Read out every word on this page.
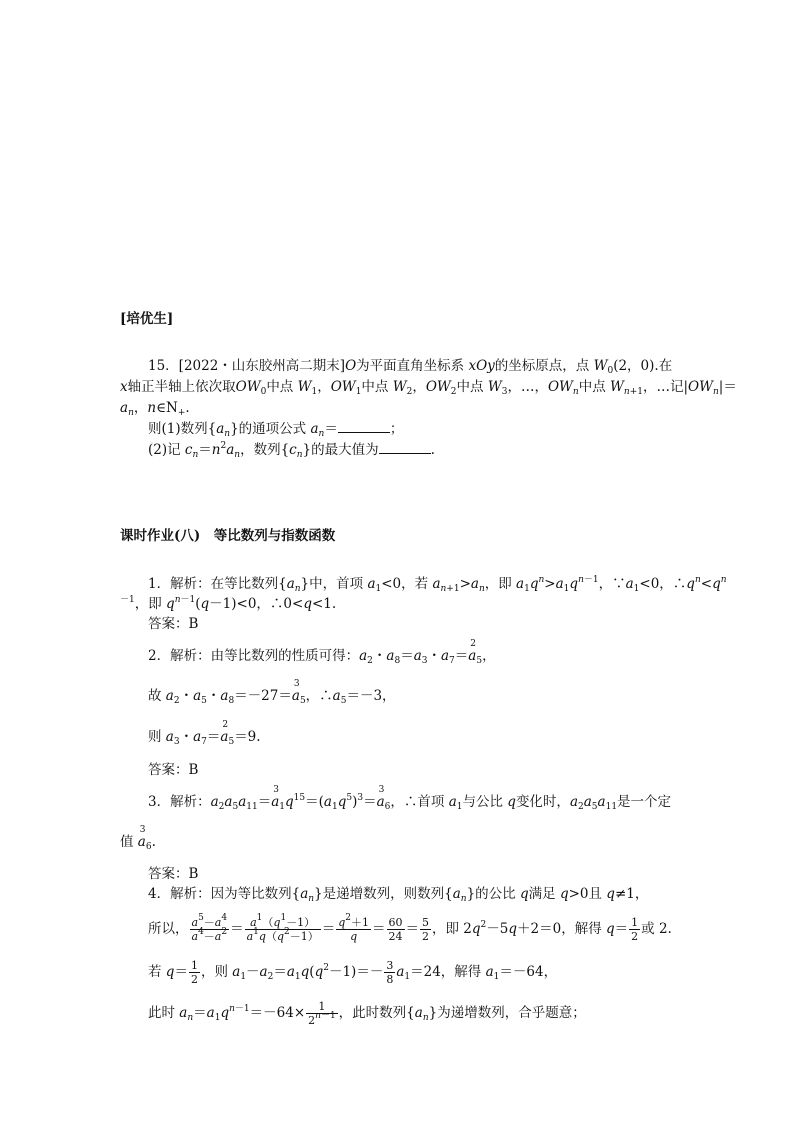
[培优生]
15．[2022・山东胶州高二期末]O为平面直角坐标系 xOy的坐标原点，点 $W_0(2$，0).在
x轴正半轴上依次取$OW_0$中点 $W_1$，$OW_1$中点 $W_2$，$OW_2$中点 $W_3$，…，$OW_n$中点 $W_{n+1}$，…记$|OW_n|=$
$a_n$，$n\in N_+$.
则(1)数列$\{a_n\}$的通项公式 $a_n=$	；
(2)记 $c_n=n^2a_n$，数列$\{c_n\}$的最大值为	.
课时作业(八)　等比数列与指数函数
1．解析：在等比数列$\{a_n\}$中，首项 $a_1<0$，若 $a_{n+1}>a_n$，即 $a_1q^n>a_1q^{n-1}$，$\because a_1<0$，$\therefore q^n<q^n$
$^{-1}$，即 $q^{n-1}(q-1)<0$，∴0<q<1.
答案：B
2．解析：由等比数列的性质可得：$a_2$・$a_8=a_3$・$a_7=a_5$
2
，
故 $a_2$・$a_5$・$a_8=-27=a_5$
3
，$\therefore a_5=-3$，
则 $a_3$・$a_7=a_5$
2
＝9.
答案：B
3．解析：$a_2a_5a_{11}=a_1$
3
$q^{15}=(a_1q^5)^3=a_6$
3
，∴首项 $a_1$与公比 q变化时，$a_2a_5a_{11}$是一个定
值 $a_6$
3
.
答案：B
4．解析：因为等比数列$\{a_n\}$是递增数列，则数列$\{a_n\}$的公比 q满足 q>0且 q≠1，
所以， $\frac{a^5-a^4}{a^4-a^2} = \frac{a^1(q^1-1)}{a^1q(q^2-1)} = \frac{q^2+1}{q} = \frac{60}{24} = \frac{5}{2}$ ，即 $2q^2-5q+2=0$，解得 $q= \frac{1}{2}$ 或 2.
若 $q= \frac{1}{2}$ ，则 $a_1-a_2=a_1q(q^2-1)=- \frac{3}{8} a_1=24$，解得 $a_1=-64$，
此时 $a_n=a_1q^{n-1}=-64\times \frac{1}{2^{n-1}}$ ，此时数列$\{a_n\}$为递增数列，合乎题意；
